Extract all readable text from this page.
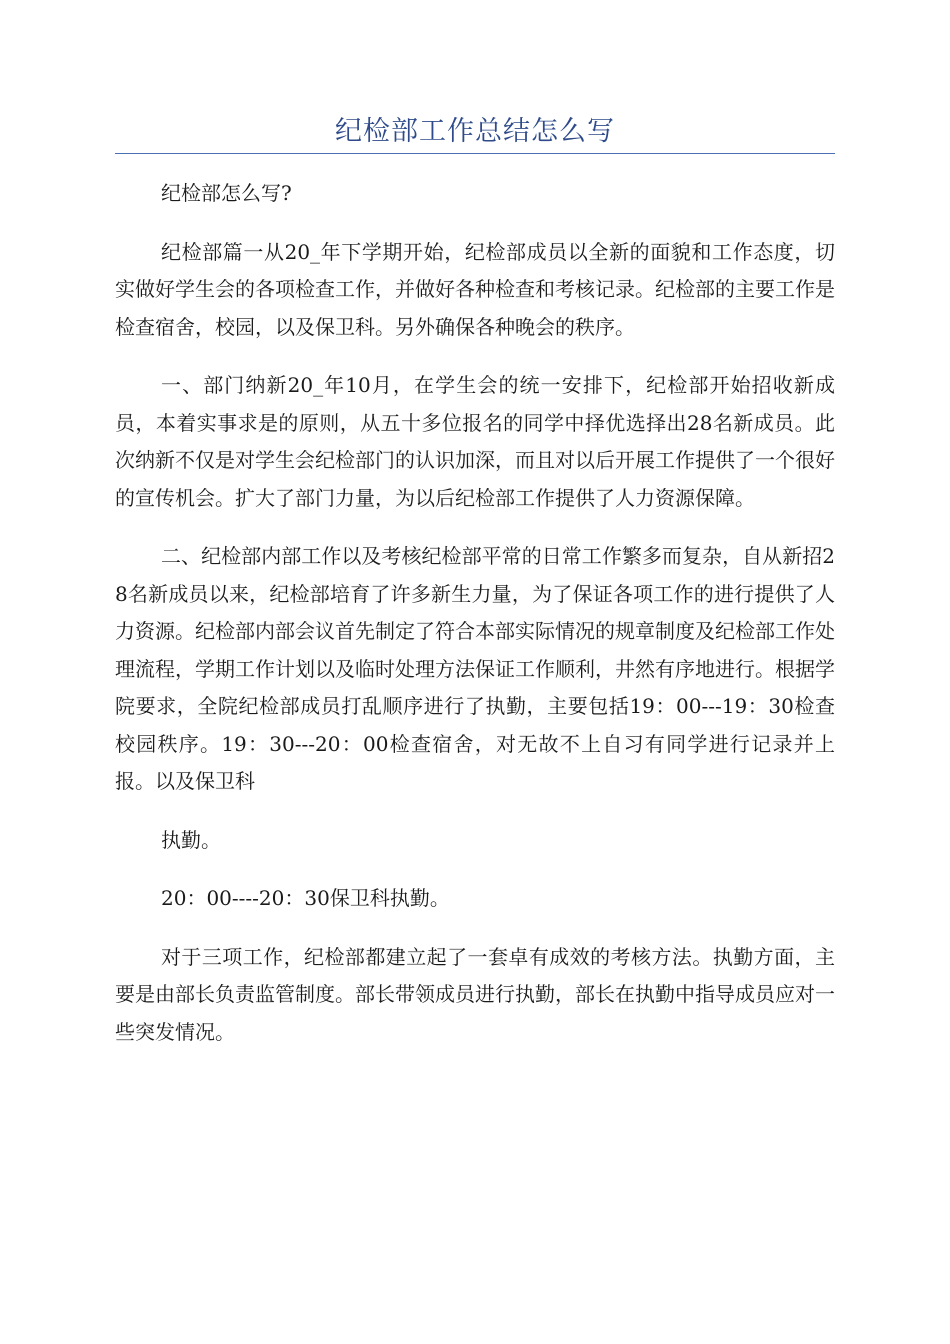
纪检部工作总结怎么写

纪检部怎么写?

纪检部篇一从20_年下学期开始，纪检部成员以全新的面貌和工作态度，切实做好学生会的各项检查工作，并做好各种检查和考核记录。纪检部的主要工作是检查宿舍，校园，以及保卫科。另外确保各种晚会的秩序。

一、部门纳新20_年10月，在学生会的统一安排下，纪检部开始招收新成员，本着实事求是的原则，从五十多位报名的同学中择优选择出28名新成员。此次纳新不仅是对学生会纪检部门的认识加深，而且对以后开展工作提供了一个很好的宣传机会。扩大了部门力量，为以后纪检部工作提供了人力资源保障。

二、纪检部内部工作以及考核纪检部平常的日常工作繁多而复杂，自从新招28名新成员以来，纪检部培育了许多新生力量，为了保证各项工作的进行提供了人力资源。纪检部内部会议首先制定了符合本部实际情况的规章制度及纪检部工作处理流程，学期工作计划以及临时处理方法保证工作顺利，井然有序地进行。根据学院要求，全院纪检部成员打乱顺序进行了执勤，主要包括19：00---19：30检查校园秩序。19：30---20：00检查宿舍，对无故不上自习有同学进行记录并上报。以及保卫科

执勤。

20：00----20：30保卫科执勤。

对于三项工作，纪检部都建立起了一套卓有成效的考核方法。执勤方面，主要是由部长负责监管制度。部长带领成员进行执勤，部长在执勤中指导成员应对一些突发情况。
